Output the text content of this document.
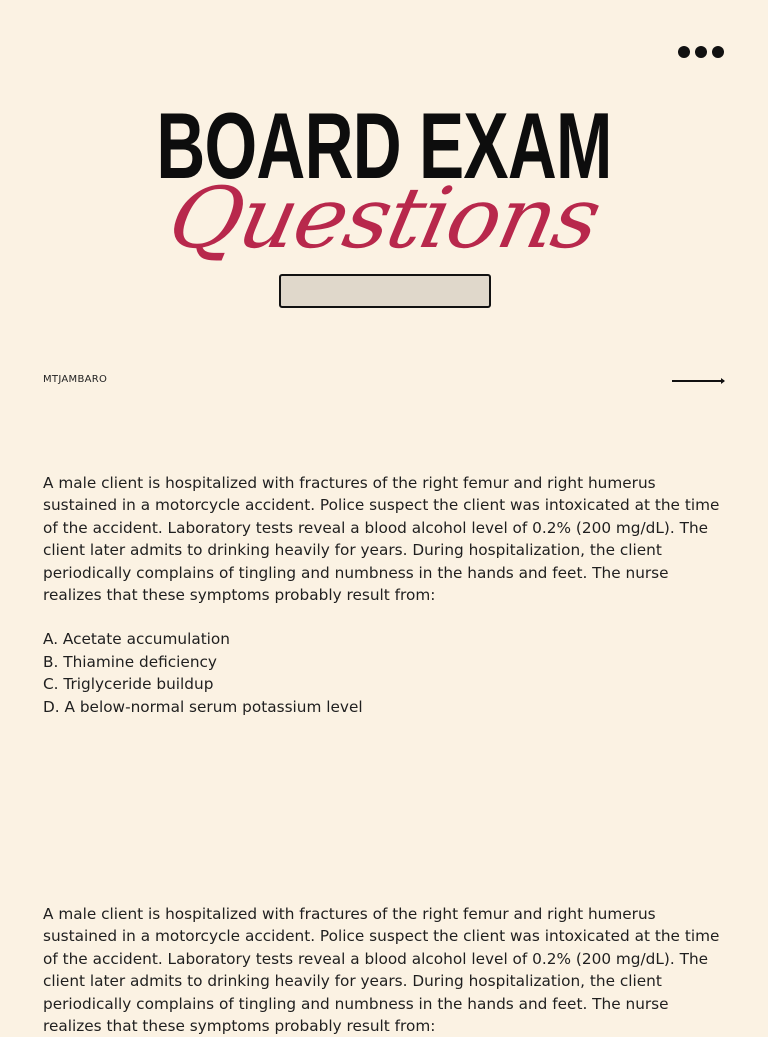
BOARD EXAM
Questions
MTJAMBARO

A male client is hospitalized with fractures of the right femur and right humerus sustained in a motorcycle accident. Police suspect the client was intoxicated at the time of the accident. Laboratory tests reveal a blood alcohol level of 0.2% (200 mg/dL). The client later admits to drinking heavily for years. During hospitalization, the client periodically complains of tingling and numbness in the hands and feet. The nurse realizes that these symptoms probably result from:

A. Acetate accumulation
B. Thiamine deficiency
C. Triglyceride buildup
D. A below-normal serum potassium level

A male client is hospitalized with fractures of the right femur and right humerus sustained in a motorcycle accident. Police suspect the client was intoxicated at the time of the accident. Laboratory tests reveal a blood alcohol level of 0.2% (200 mg/dL). The client later admits to drinking heavily for years. During hospitalization, the client periodically complains of tingling and numbness in the hands and feet. The nurse realizes that these symptoms probably result from:
